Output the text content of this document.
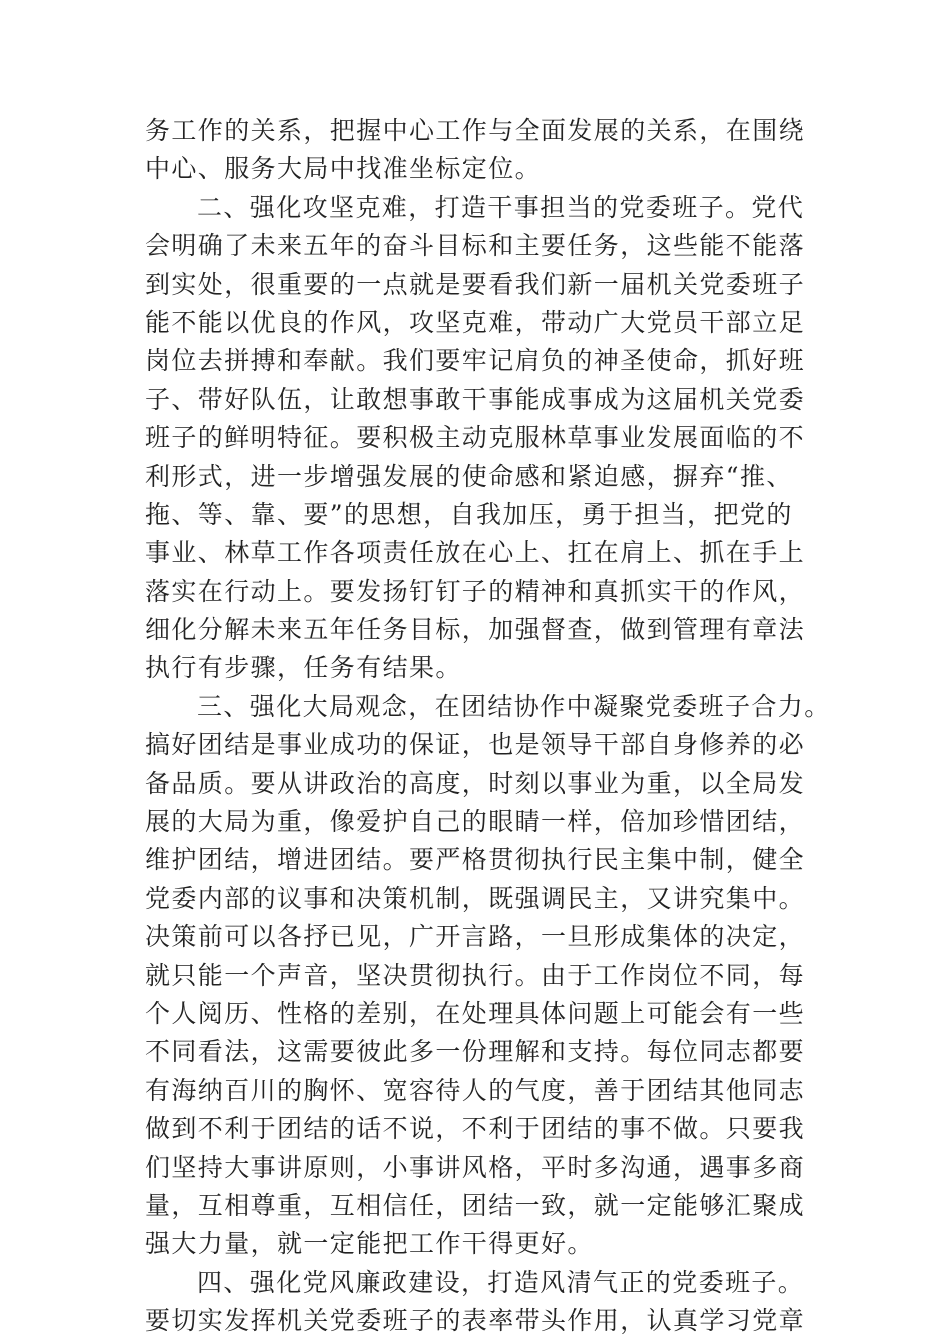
务工作的关系，把握中心工作与全面发展的关系，在围绕
中心、服务大局中找准坐标定位。
二、强化攻坚克难，打造干事担当的党委班子。党代
会明确了未来五年的奋斗目标和主要任务，这些能不能落
到实处，很重要的一点就是要看我们新一届机关党委班子
能不能以优良的作风，攻坚克难，带动广大党员干部立足
岗位去拼搏和奉献。我们要牢记肩负的神圣使命，抓好班
子、带好队伍，让敢想事敢干事能成事成为这届机关党委
班子的鲜明特征。要积极主动克服林草事业发展面临的不
利形式，进一步增强发展的使命感和紧迫感，摒弃“推、
拖、等、靠、要”的思想，自我加压，勇于担当，把党的
事业、林草工作各项责任放在心上、扛在肩上、抓在手上
落实在行动上。要发扬钉钉子的精神和真抓实干的作风，
细化分解未来五年任务目标，加强督查，做到管理有章法
执行有步骤，任务有结果。
三、强化大局观念，在团结协作中凝聚党委班子合力。
搞好团结是事业成功的保证，也是领导干部自身修养的必
备品质。要从讲政治的高度，时刻以事业为重，以全局发
展的大局为重，像爱护自己的眼睛一样，倍加珍惜团结，
维护团结，增进团结。要严格贯彻执行民主集中制，健全
党委内部的议事和决策机制，既强调民主，又讲究集中。
决策前可以各抒已见，广开言路，一旦形成集体的决定，
就只能一个声音，坚决贯彻执行。由于工作岗位不同，每
个人阅历、性格的差别，在处理具体问题上可能会有一些
不同看法，这需要彼此多一份理解和支持。每位同志都要
有海纳百川的胸怀、宽容待人的气度，善于团结其他同志
做到不利于团结的话不说，不利于团结的事不做。只要我
们坚持大事讲原则，小事讲风格，平时多沟通，遇事多商
量，互相尊重，互相信任，团结一致，就一定能够汇聚成
强大力量，就一定能把工作干得更好。
四、强化党风廉政建设，打造风清气正的党委班子。
要切实发挥机关党委班子的表率带头作用，认真学习党章
